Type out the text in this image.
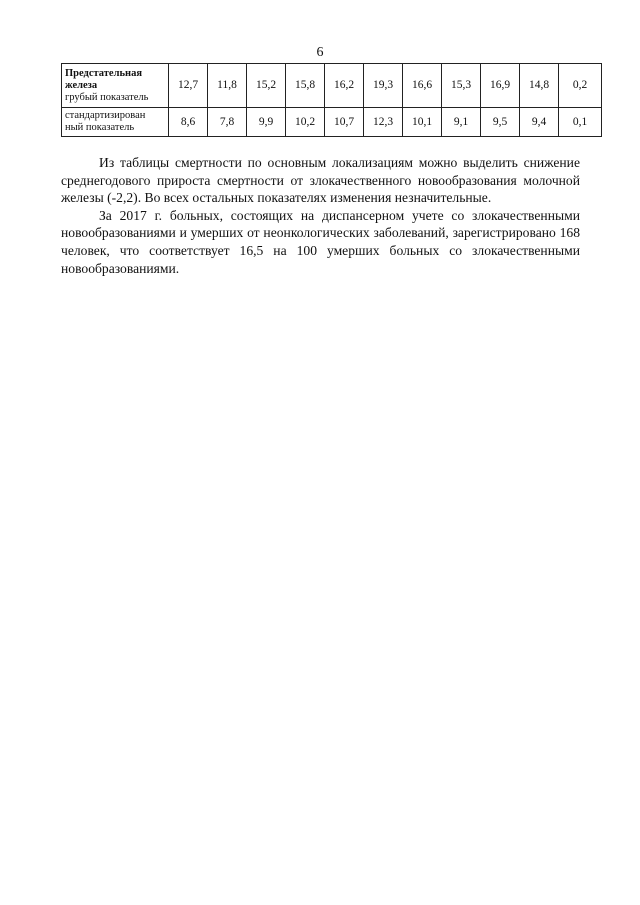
6
Предстательная
железа
грубый показатель	12,7	11,8	15,2	15,8	16,2	19,3	16,6	15,3	16,9	14,8	0,2

стандартизирован
ный показатель	8,6	7,8	9,9	10,2	10,7	12,3	10,1	9,1	9,5	9,4	0,1

Из таблицы смертности по основным локализациям можно выделить снижение среднегодового прироста смертности от злокачественного новообразования молочной железы (-2,2). Во всех остальных показателях изменения незначительные.

За 2017 г. больных, состоящих на диспансерном учете со злокачественными новообразованиями и умерших от неонкологических заболеваний, зарегистрировано 168 человек, что соответствует 16,5 на 100 умерших больных со злокачественными новообразованиями.
